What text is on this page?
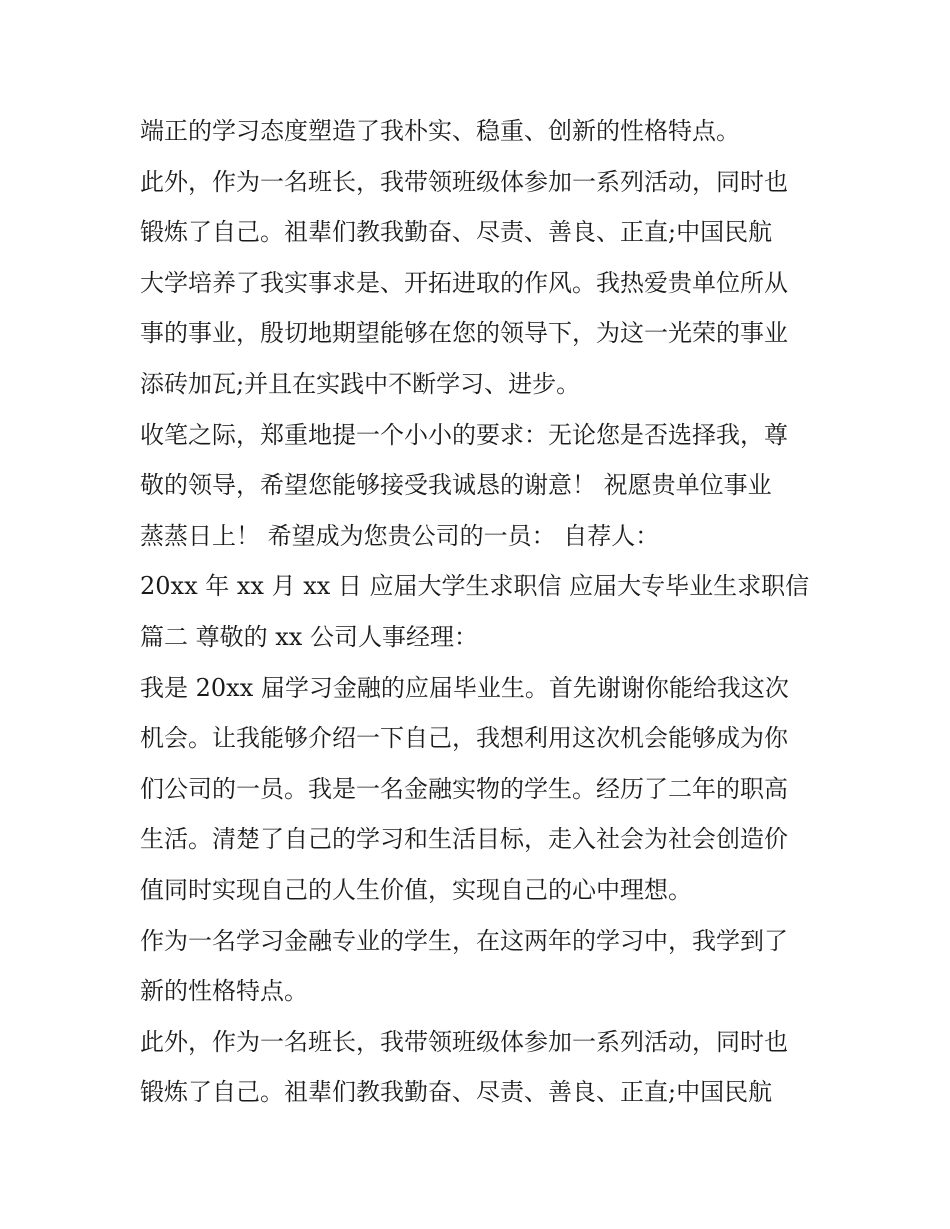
端正的学习态度塑造了我朴实、稳重、创新的性格特点。
此外，作为一名班长，我带领班级体参加一系列活动，同时也
锻炼了自己。祖辈们教我勤奋、尽责、善良、正直;中国民航
大学培养了我实事求是、开拓进取的作风。我热爱贵单位所从
事的事业，殷切地期望能够在您的领导下，为这一光荣的事业
添砖加瓦;并且在实践中不断学习、进步。
收笔之际，郑重地提一个小小的要求：无论您是否选择我，尊
敬的领导，希望您能够接受我诚恳的谢意！ 祝愿贵单位事业
蒸蒸日上！ 希望成为您贵公司的一员： 自荐人：
20xx 年 xx 月 xx 日 应届大学生求职信 应届大专毕业生求职信
篇二 尊敬的 xx 公司人事经理：
我是 20xx 届学习金融的应届毕业生。首先谢谢你能给我这次
机会。让我能够介绍一下自己，我想利用这次机会能够成为你
们公司的一员。我是一名金融实物的学生。经历了二年的职高
生活。清楚了自己的学习和生活目标，走入社会为社会创造价
值同时实现自己的人生价值，实现自己的心中理想。
作为一名学习金融专业的学生，在这两年的学习中，我学到了
新的性格特点。
此外，作为一名班长，我带领班级体参加一系列活动，同时也
锻炼了自己。祖辈们教我勤奋、尽责、善良、正直;中国民航
